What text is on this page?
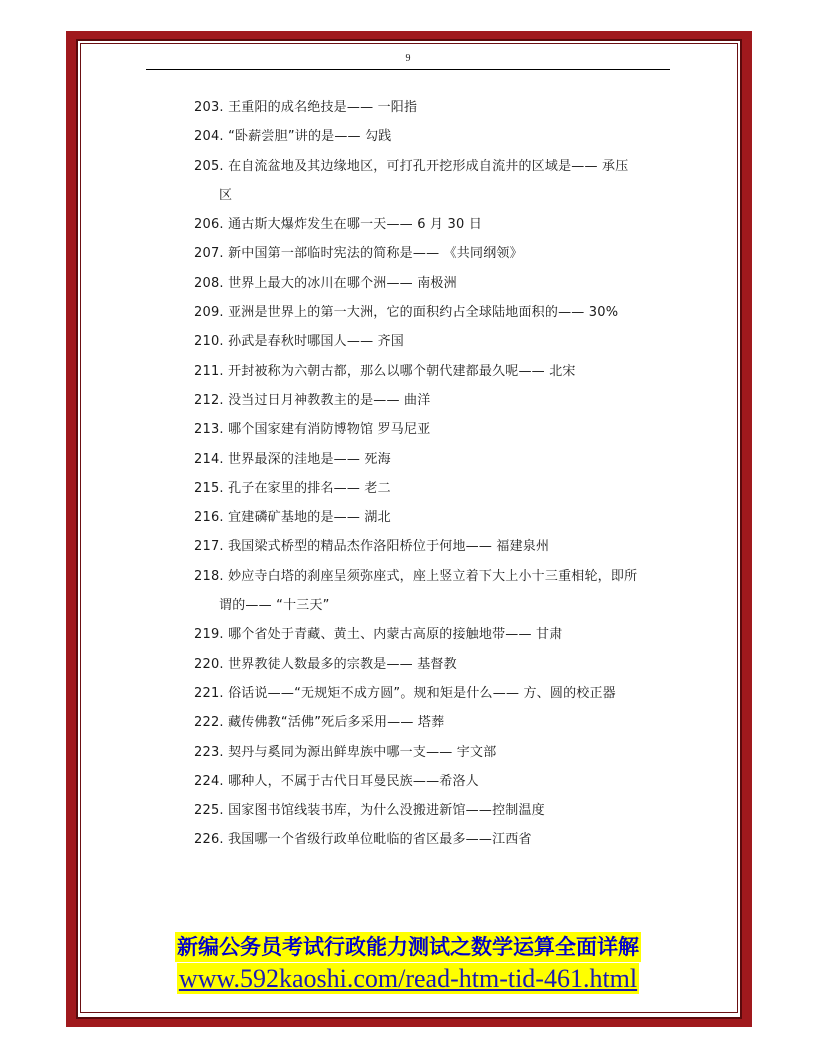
9
203. 王重阳的成名绝技是—— 一阳指
204. “卧薪尝胆”讲的是—— 勾践
205. 在自流盆地及其边缘地区，可打孔开挖形成自流井的区域是—— 承压区
206. 通古斯大爆炸发生在哪一天—— 6 月 30 日
207. 新中国第一部临时宪法的简称是—— 《共同纲领》
208. 世界上最大的冰川在哪个洲—— 南极洲
209. 亚洲是世界上的第一大洲，它的面积约占全球陆地面积的—— 30%
210. 孙武是春秋时哪国人—— 齐国
211. 开封被称为六朝古都，那么以哪个朝代建都最久呢—— 北宋
212. 没当过日月神教教主的是—— 曲洋
213. 哪个国家建有消防博物馆 罗马尼亚
214. 世界最深的洼地是—— 死海
215. 孔子在家里的排名—— 老二
216. 宜建磷矿基地的是—— 湖北
217. 我国梁式桥型的精品杰作洛阳桥位于何地—— 福建泉州
218. 妙应寺白塔的刹座呈须弥座式，座上竖立着下大上小十三重相轮，即所谓的—— “十三天”
219. 哪个省处于青藏、黄土、内蒙古高原的接触地带—— 甘肃
220. 世界教徒人数最多的宗教是—— 基督教
221. 俗话说——“无规矩不成方圆”。规和矩是什么—— 方、圆的校正器
222. 藏传佛教“活佛”死后多采用—— 塔葬
223. 契丹与奚同为源出鲜卑族中哪一支—— 宇文部
224. 哪种人，不属于古代日耳曼民族——希洛人
225. 国家图书馆线装书库，为什么没搬进新馆——控制温度
226. 我国哪一个省级行政单位毗临的省区最多——江西省
新编公务员考试行政能力测试之数学运算全面详解
www.592kaoshi.com/read-htm-tid-461.html
